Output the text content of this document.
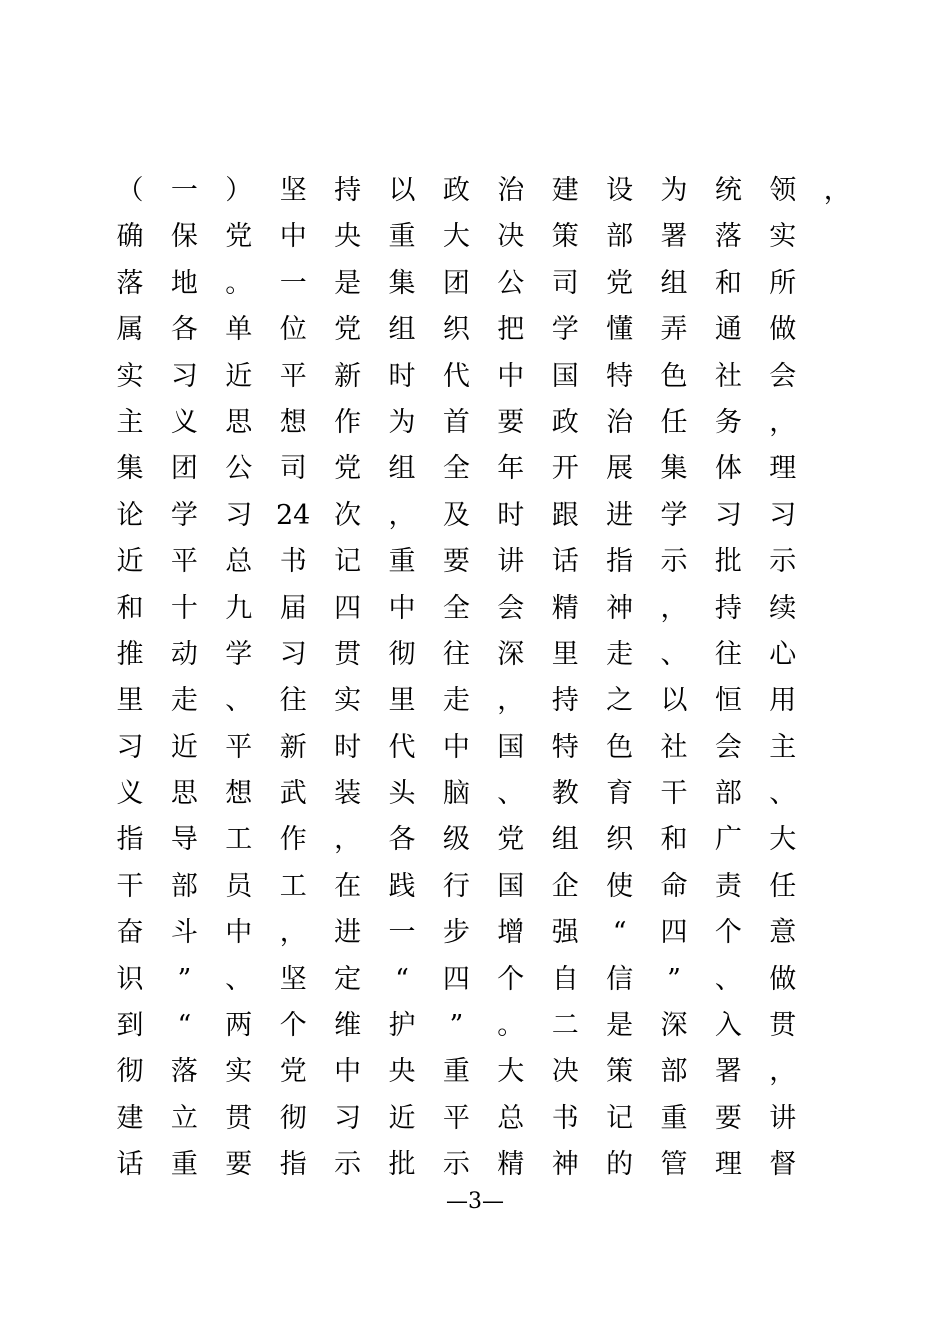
（ 一 ） 坚 持 以 政 治 建 设 为 统 领 ，
确 保 党 中 央 重 大 决 策 部 署 落 实
落 地 。 一 是 集 团 公 司 党 组 和 所
属 各 单 位 党 组 织 把 学 懂 弄 通 做
实 习 近 平 新 时 代 中 国 特 色 社 会
主 义 思 想 作 为 首 要 政 治 任 务 ，
集 团 公 司 党 组 全 年 开 展 集 体 理
论 学 习 24 次 ， 及 时 跟 进 学 习 习
近 平 总 书 记 重 要 讲 话 指 示 批 示
和 十 九 届 四 中 全 会 精 神 ， 持 续
推 动 学 习 贯 彻 往 深 里 走 、 往 心
里 走 、 往 实 里 走 ， 持 之 以 恒 用
习 近 平 新 时 代 中 国 特 色 社 会 主
义 思 想 武 装 头 脑 、 教 育 干 部 、
指 导 工 作 ， 各 级 党 组 织 和 广 大
干 部 员 工 在 践 行 国 企 使 命 责 任
奋 斗 中 ， 进 一 步 增 强	“	四 个 意
识	”	、 坚 定	“	四 个 自 信	”	、 做
到	“	两 个 维 护	”	。 二 是 深 入 贯
彻 落 实 党 中 央 重 大 决 策 部 署 ，
建 立 贯 彻 习 近 平 总 书 记 重 要 讲
话 重 要 指 示 批 示 精 神 的 管 理 督
—3—
